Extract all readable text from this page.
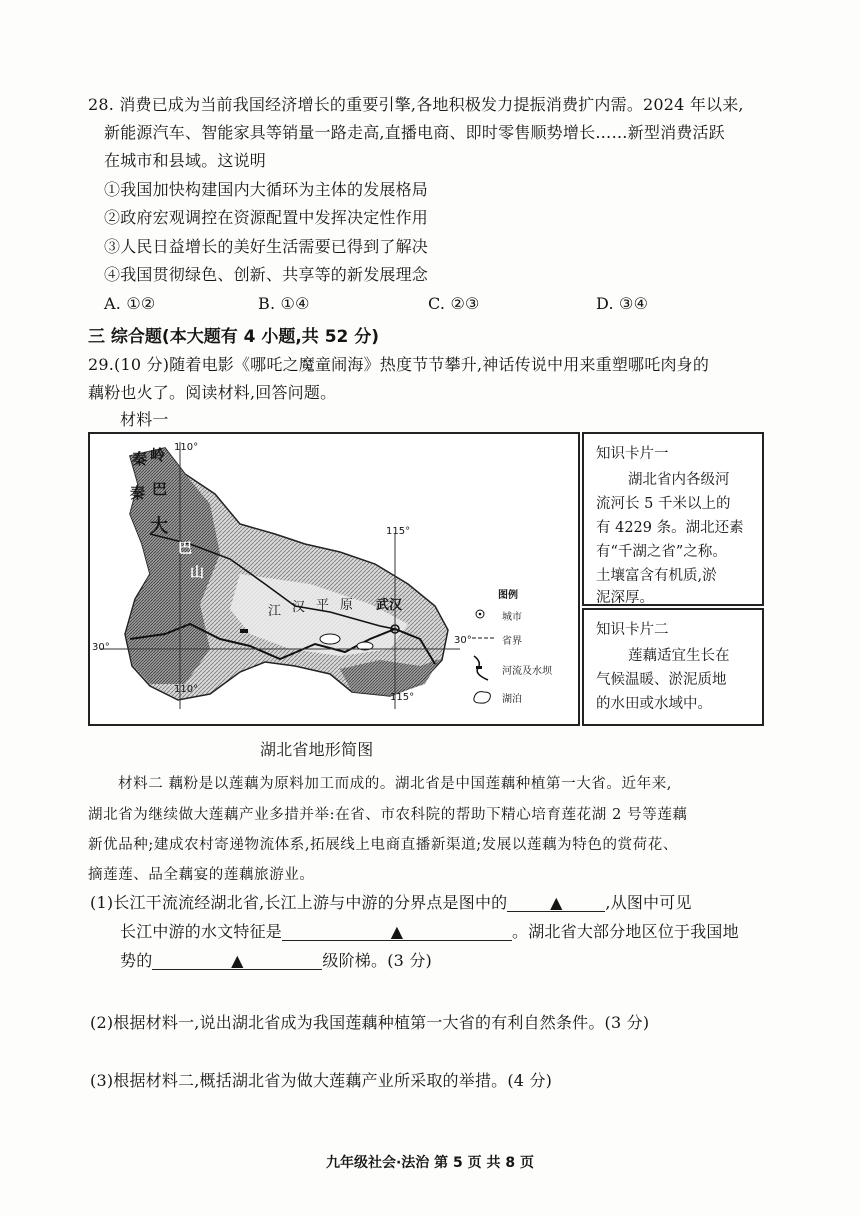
28. 消费已成为当前我国经济增长的重要引擎,各地积极发力提振消费扩内需。2024 年以来,
新能源汽车、智能家具等销量一路走高,直播电商、即时零售顺势增长……新型消费活跃
在城市和县域。这说明
①我国加快构建国内大循环为主体的发展格局
②政府宏观调控在资源配置中发挥决定性作用
③人民日益增长的美好生活需要已得到了解决
④我国贯彻绿色、创新、共享等的新发展理念
A. ①②	B. ①④	C. ②③	D. ③④
三 综合题(本大题有 4 小题,共 52 分)
29.(10 分)随着电影《哪吒之魔童闹海》热度节节攀升,神话传说中用来重塑哪吒肉身的
藕粉也火了。阅读材料,回答问题。
材料一
秦 岭
秦 巴
大
巴
山
江 汉 平 原 武汉
110°
115°
110°
115°
30°
30°
图例
城市
省界
河流及水坝
湖泊
知识卡片一
湖北省内各级河
流河长 5 千米以上的
有 4229 条。湖北还素
有“千湖之省”之称。
土壤富含有机质,淤
泥深厚。
知识卡片二
莲藕适宜生长在
气候温暖、淤泥质地
的水田或水域中。
湖北省地形简图
材料二 藕粉是以莲藕为原料加工而成的。湖北省是中国莲藕种植第一大省。近年来,
湖北省为继续做大莲藕产业多措并举:在省、市农科院的帮助下精心培育莲花湖 2 号等莲藕
新优品种;建成农村寄递物流体系,拓展线上电商直播新渠道;发展以莲藕为特色的赏荷花、
摘莲莲、品全藕宴的莲藕旅游业。
(1)长江干流流经湖北省,长江上游与中游的分界点是图中的	▲	,从图中可见
长江中游的水文特征是	▲	。湖北省大部分地区位于我国地
势的	▲	级阶梯。(3 分)
(2)根据材料一,说出湖北省成为我国莲藕种植第一大省的有利自然条件。(3 分)
(3)根据材料二,概括湖北省为做大莲藕产业所采取的举措。(4 分)
九年级社会·法治 第 5 页 共 8 页
